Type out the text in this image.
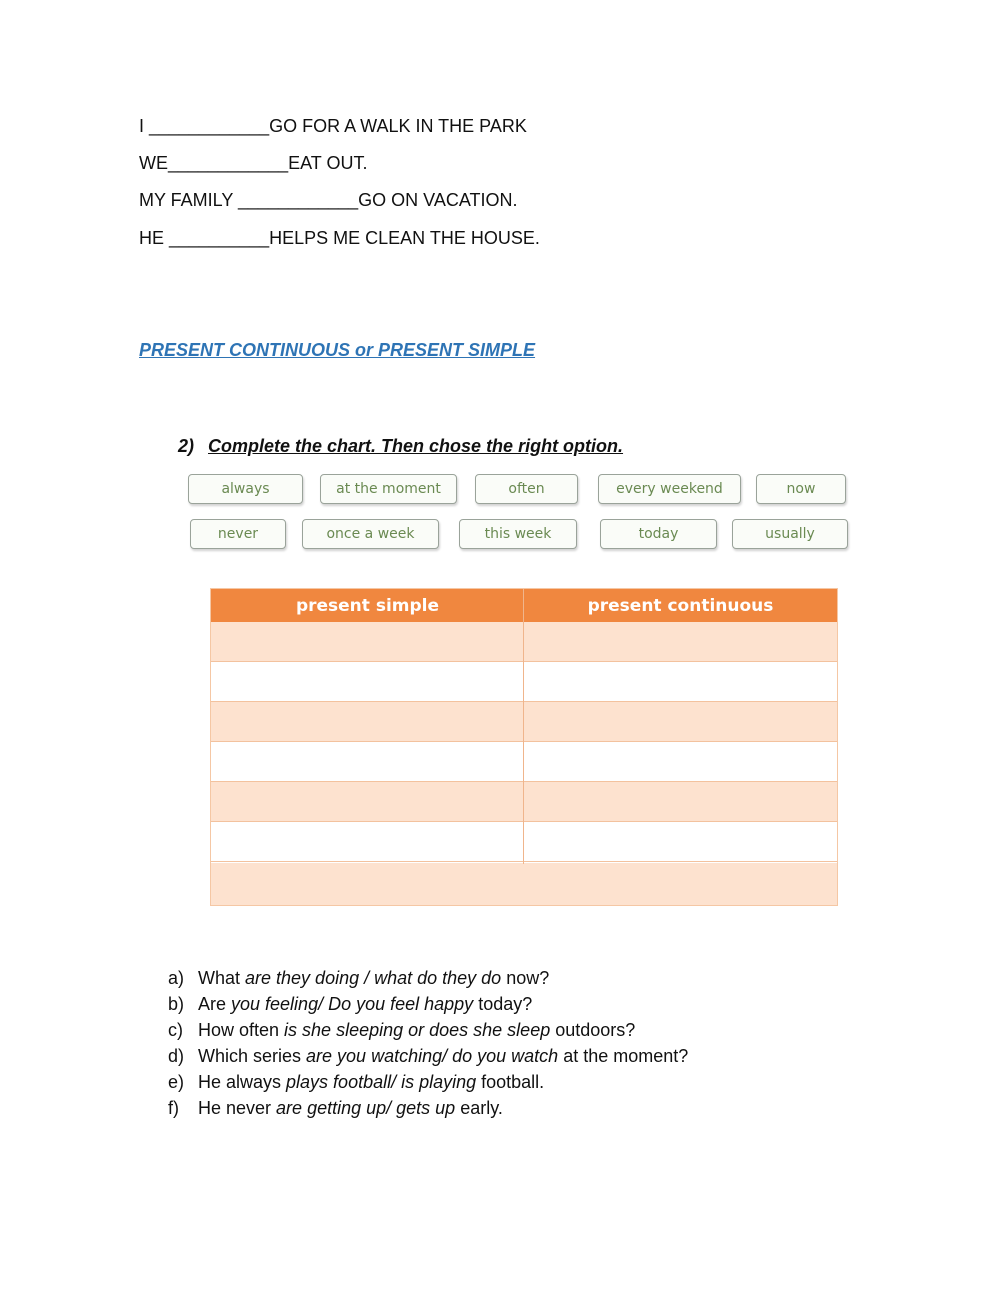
I ____________GO FOR A WALK IN THE PARK
WE____________EAT OUT.
MY FAMILY ____________GO ON VACATION.
HE __________HELPS ME CLEAN THE HOUSE.
PRESENT CONTINUOUS or PRESENT SIMPLE

2) Complete the chart. Then chose the right option.

always	at the moment	often	every weekend	now
never	once a week	this week	today	usually
present simple	present continuous
a) What are they doing / what do they do now?
b) Are you feeling/ Do you feel happy today?
c) How often is she sleeping or does she sleep outdoors?
d) Which series are you watching/ do you watch at the moment?
e) He always plays football/ is playing football.
f) He never are getting up/ gets up early.
